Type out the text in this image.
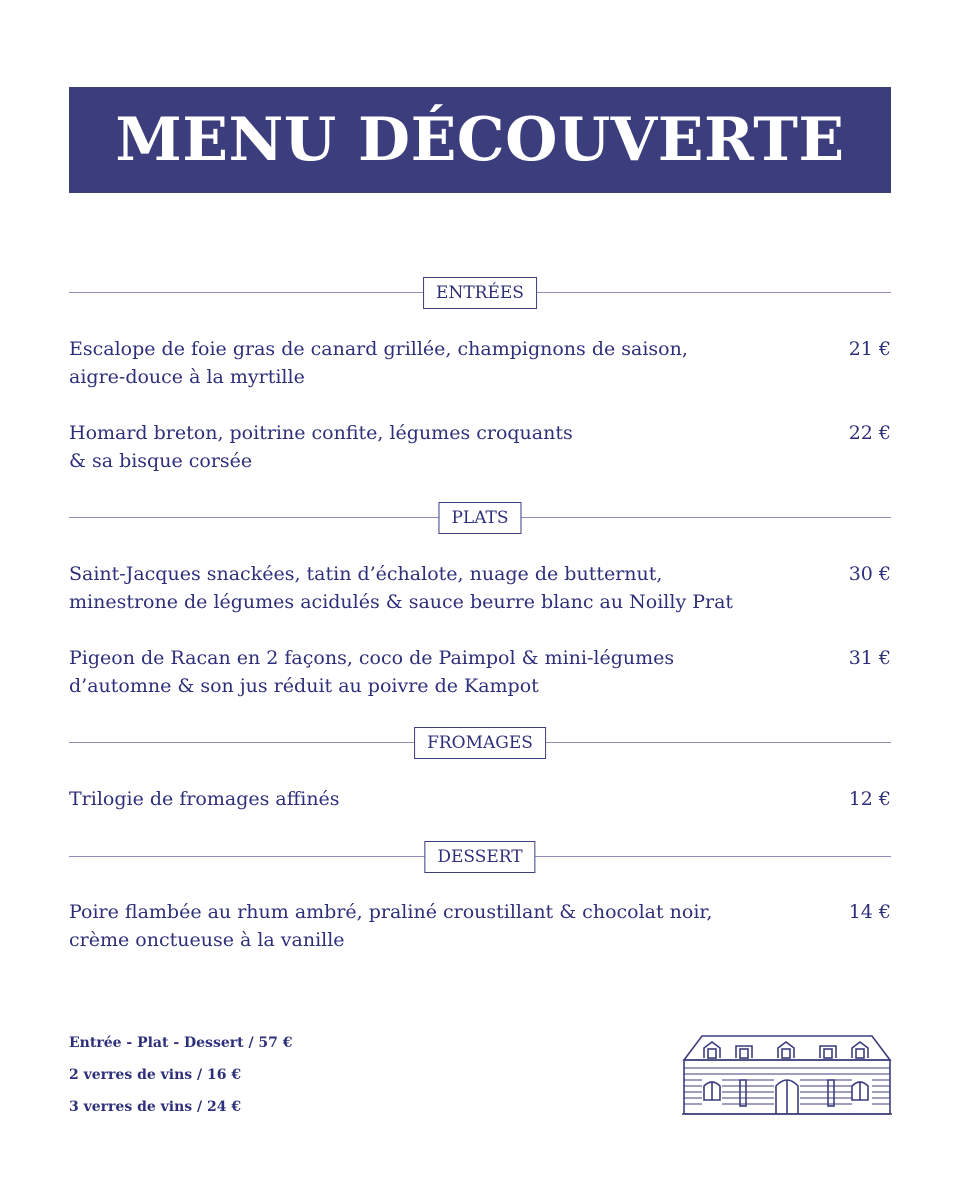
MENU DÉCOUVERTE
ENTRÉES
Escalope de foie gras de canard grillée, champignons de saison,
aigre-douce à la myrtille
21 €
Homard breton, poitrine confite, légumes croquants
& sa bisque corsée
22 €
PLATS
Saint-Jacques snackées, tatin d’échalote, nuage de butternut,
minestrone de légumes acidulés & sauce beurre blanc au Noilly Prat
30 €
Pigeon de Racan en 2 façons, coco de Paimpol & mini-légumes
d’automne & son jus réduit au poivre de Kampot
31 €
FROMAGES
Trilogie de fromages affinés	12 €
DESSERT
Poire flambée au rhum ambré, praliné croustillant & chocolat noir,
crème onctueuse à la vanille
14 €
Entrée - Plat - Dessert / 57 €
2 verres de vins / 16 €
3 verres de vins / 24 €
